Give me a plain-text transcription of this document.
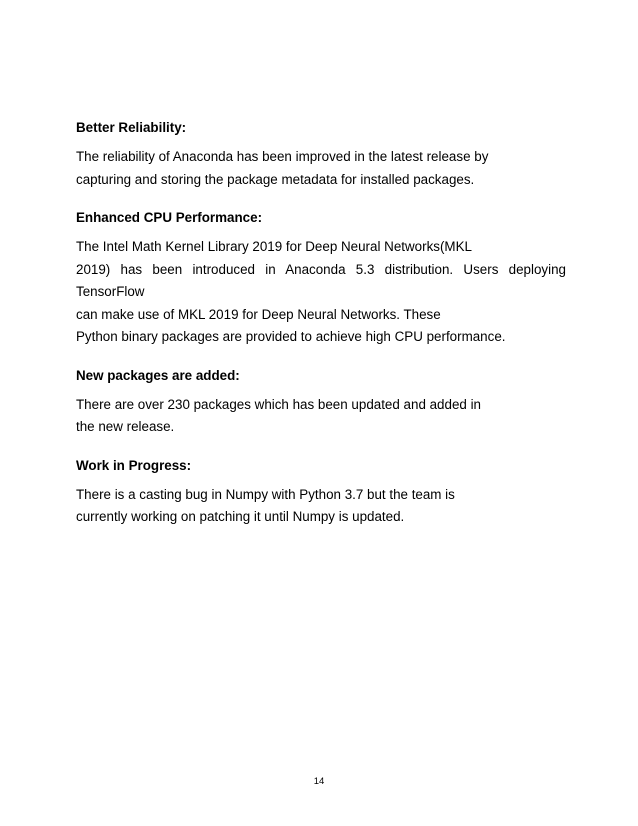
Better Reliability:
The reliability of Anaconda has been improved in the latest release by
capturing and storing the package metadata for installed packages.
Enhanced CPU Performance:
The Intel Math Kernel Library 2019 for Deep Neural Networks(MKL
2019) has been introduced in Anaconda 5.3 distribution. Users deploying TensorFlow
can make use of MKL 2019 for Deep Neural Networks. These
Python binary packages are provided to achieve high CPU performance.
New packages are added:
There are over 230 packages which has been updated and added in
the new release.
Work in Progress:
There is a casting bug in Numpy with Python 3.7 but the team is
currently working on patching it until Numpy is updated.
14
